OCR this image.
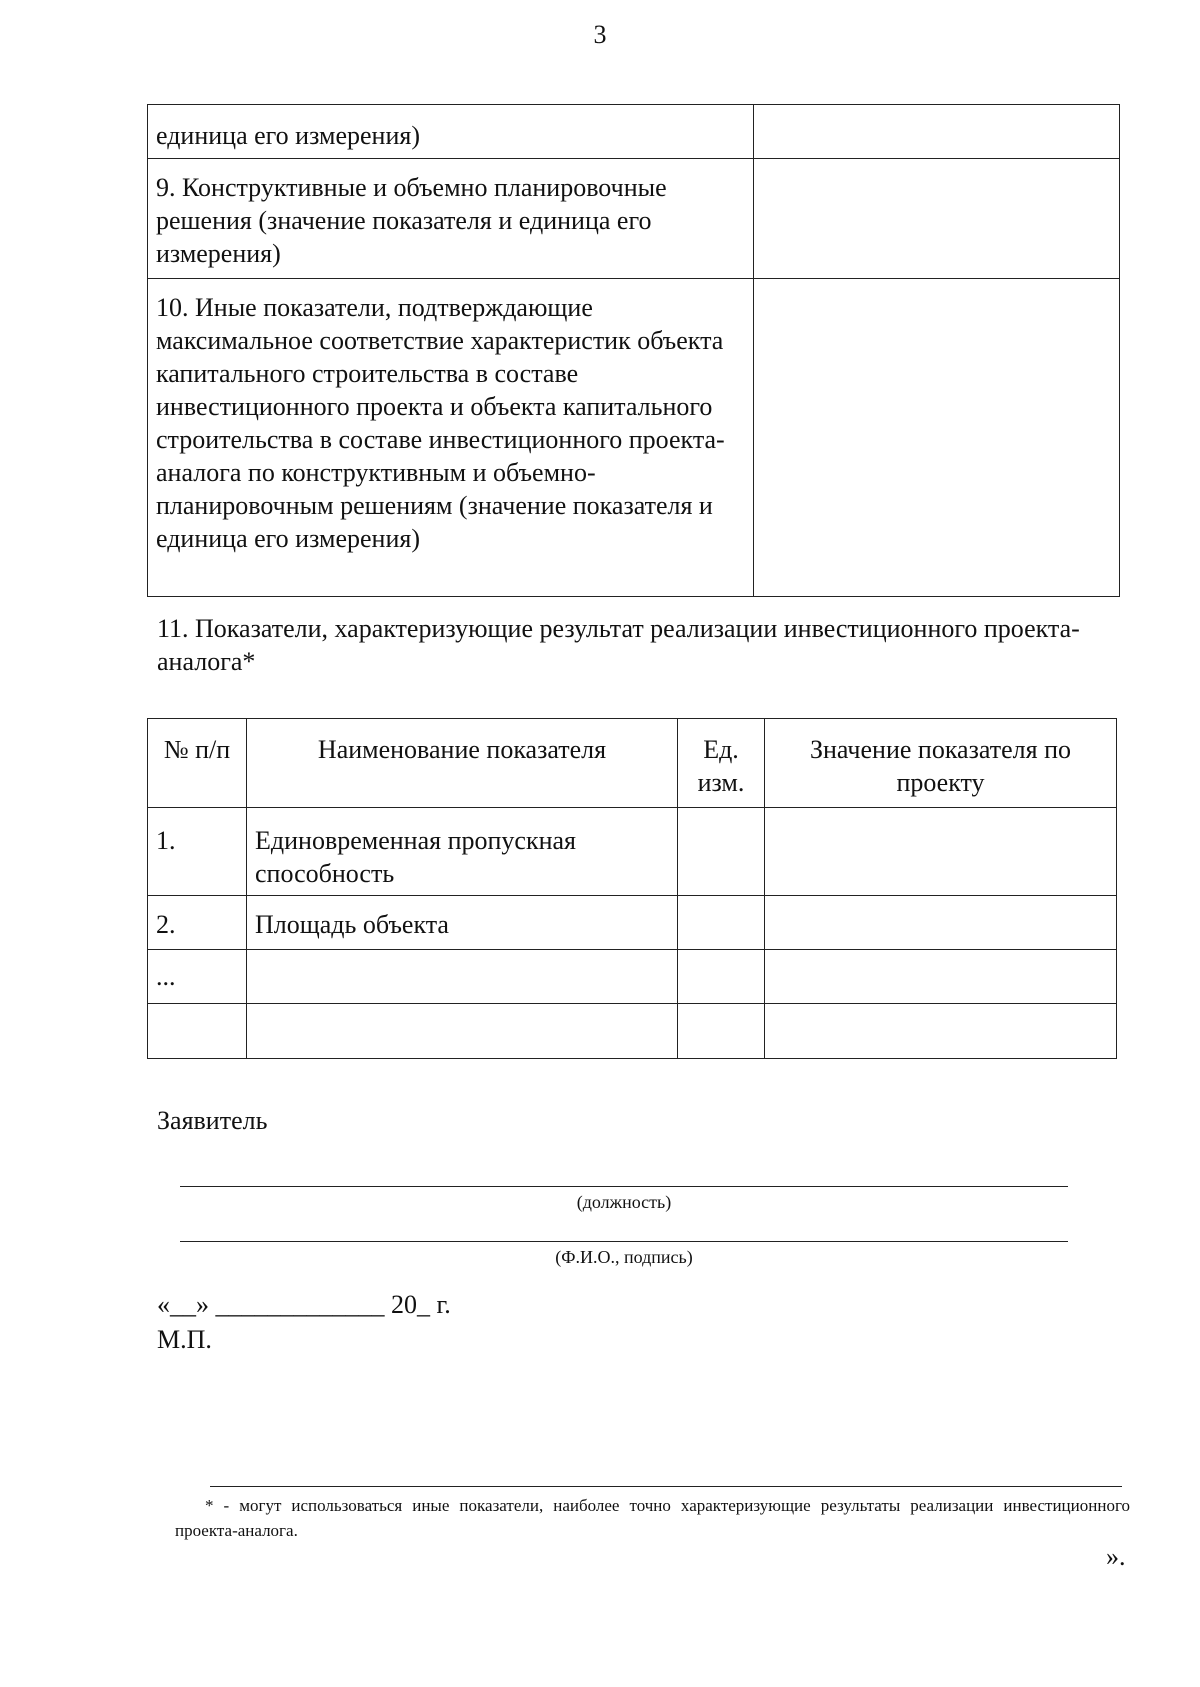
3
единица его измерения)	
9. Конструктивные и объемно планировочные решения (значение показателя и единица его измерения)	
10. Иные показатели, подтверждающие максимальное соответствие характеристик объекта капитального строительства в составе инвестиционного проекта и объекта капитального строительства в составе инвестиционного проекта-аналога по конструктивным и объемно-планировочным решениям (значение показателя и единица его измерения)	
11. Показатели, характеризующие результат реализации инвестиционного проекта-аналога*
№ п/п	Наименование показателя	Ед. изм.	Значение показателя по проекту
1.	Единовременная пропускная способность		
2.	Площадь объекта		
...			

Заявитель
(должность)
(Ф.И.О., подпись)
«__» _____________ 20_ г.
М.П.
* - могут использоваться иные показатели, наиболее точно характеризующие результаты реализации инвестиционного проекта-аналога.
».
